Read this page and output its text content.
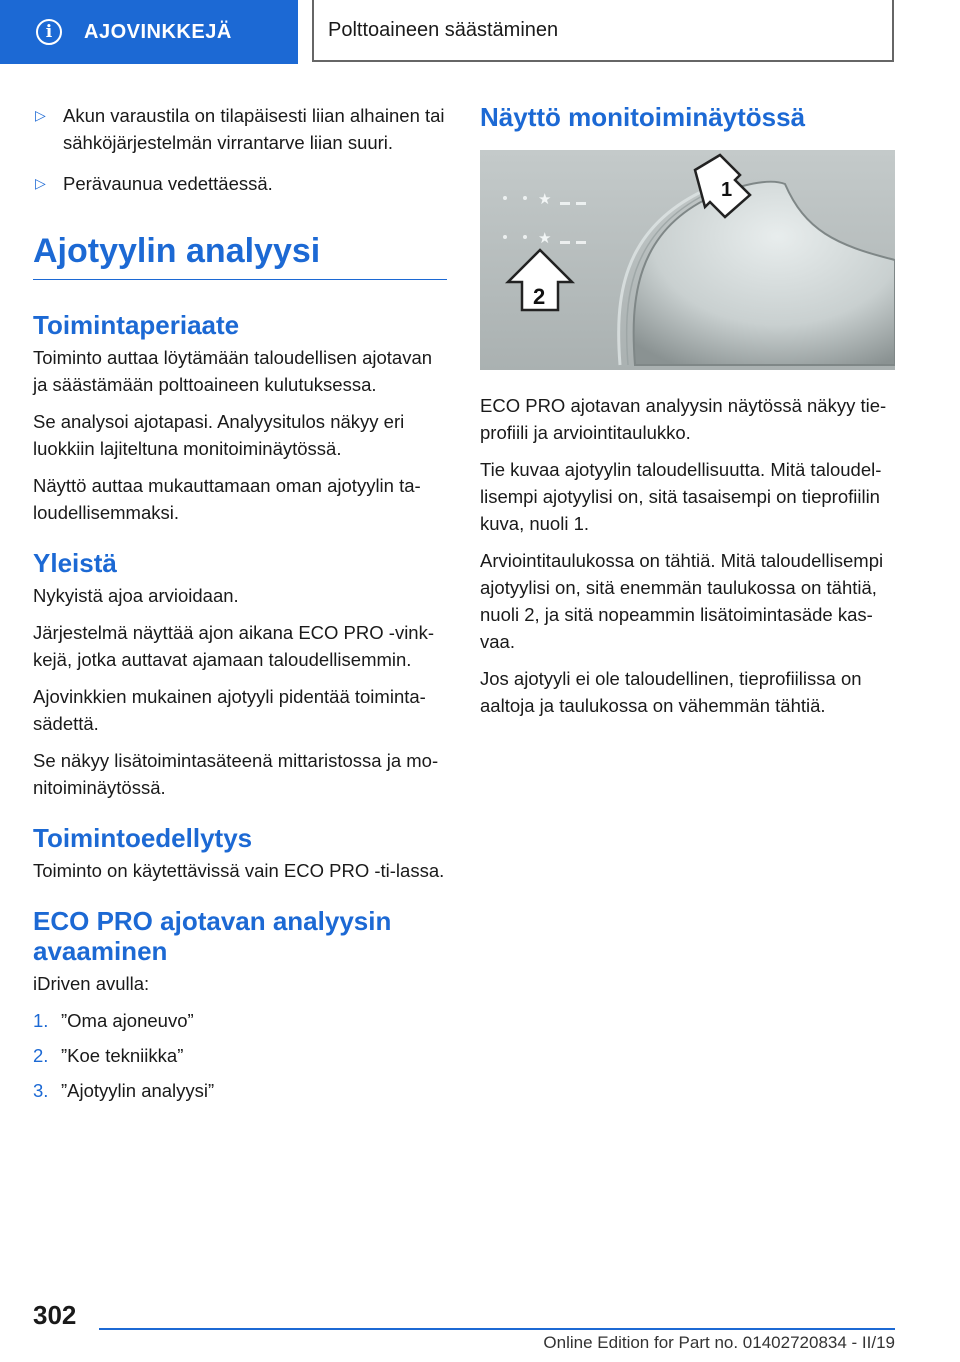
i	AJOVINKKEJÄ	Polttoaineen säästäminen
▷ Akun varaustila on tilapäisesti liian alhainen tai sähköjärjestelmän virrantarve liian suuri.
▷ Perävaunua vedettäessä.
Ajotyylin analyysi
Toimintaperiaate

Toiminto auttaa löytämään taloudellisen ajotavan ja säästämään polttoaineen kulutuksessa.

Se analysoi ajotapasi. Analyysitulos näkyy eri luokkiin lajiteltuna monitoiminäytössä.

Näyttö auttaa mukauttamaan oman ajotyylin ta-loudellisemmaksi.

Yleistä

Nykyistä ajoa arvioidaan.

Järjestelmä näyttää ajon aikana ECO PRO -vink-kejä, jotka auttavat ajamaan taloudellisemmin.

Ajovinkkien mukainen ajotyyli pidentää toiminta-sädettä.

Se näkyy lisätoimintasäteenä mittaristossa ja mo-nitoiminäytössä.

Toimintoedellytys

Toiminto on käytettävissä vain ECO PRO -ti-lassa.

ECO PRO ajotavan analyysin avaaminen

iDriven avulla:

1. ”Oma ajoneuvo”
2. ”Koe tekniikka”
3. ”Ajotyylin analyysi”
Näyttö monitoiminäytössä
★
★
1
2

ECO PRO ajotavan analyysin näytössä näkyy tie-profiili ja arviointitaulukko.

Tie kuvaa ajotyylin taloudellisuutta. Mitä taloudel-lisempi ajotyylisi on, sitä tasaisempi on tieprofiilin kuva, nuoli 1.

Arviointitaulukossa on tähtiä. Mitä taloudellisempi ajotyylisi on, sitä enemmän taulukossa on tähtiä, nuoli 2, ja sitä nopeammin lisätoimintasäde kas-vaa.

Jos ajotyyli ei ole taloudellinen, tieprofiilissa on aaltoja ja taulukossa on vähemmän tähtiä.

302
Online Edition for Part no. 01402720834 - II/19
